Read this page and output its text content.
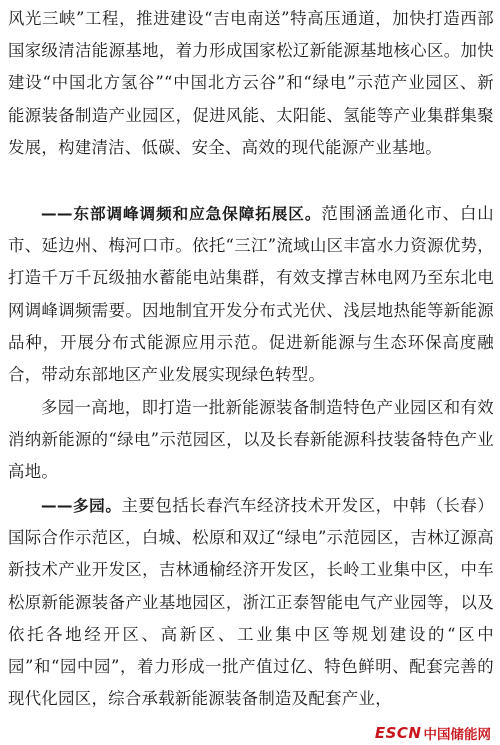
风光三峡”工程，推进建设“吉电南送”特高压通道，加快打造西部国家级清洁能源基地，着力形成国家松辽新能源基地核心区。加快建设“中国北方氢谷”“中国北方云谷”和“绿电”示范产业园区、新能源装备制造产业园区，促进风能、太阳能、氢能等产业集群集聚发展，构建清洁、低碳、安全、高效的现代能源产业基地。

——东部调峰调频和应急保障拓展区。范围涵盖通化市、白山市、延边州、梅河口市。依托“三江”流域山区丰富水力资源优势，打造千万千瓦级抽水蓄能电站集群，有效支撑吉林电网乃至东北电网调峰调频需要。因地制宜开发分布式光伏、浅层地热能等新能源品种，开展分布式能源应用示范。促进新能源与生态环保高度融合，带动东部地区产业发展实现绿色转型。

多园一高地，即打造一批新能源装备制造特色产业园区和有效消纳新能源的“绿电”示范园区，以及长春新能源科技装备特色产业高地。

——多园。主要包括长春汽车经济技术开发区，中韩（长春）国际合作示范区，白城、松原和双辽“绿电”示范园区，吉林辽源高新技术产业开发区，吉林通榆经济开发区，长岭工业集中区，中车松原新能源装备产业基地园区，浙江正泰智能电气产业园等，以及依托各地经开区、高新区、工业集中区等规划建设的“区中园”和“园中园”，着力形成一批产值过亿、特色鲜明、配套完善的现代化园区，综合承载新能源装备制造及配套产业，

ESCN 中国储能网
